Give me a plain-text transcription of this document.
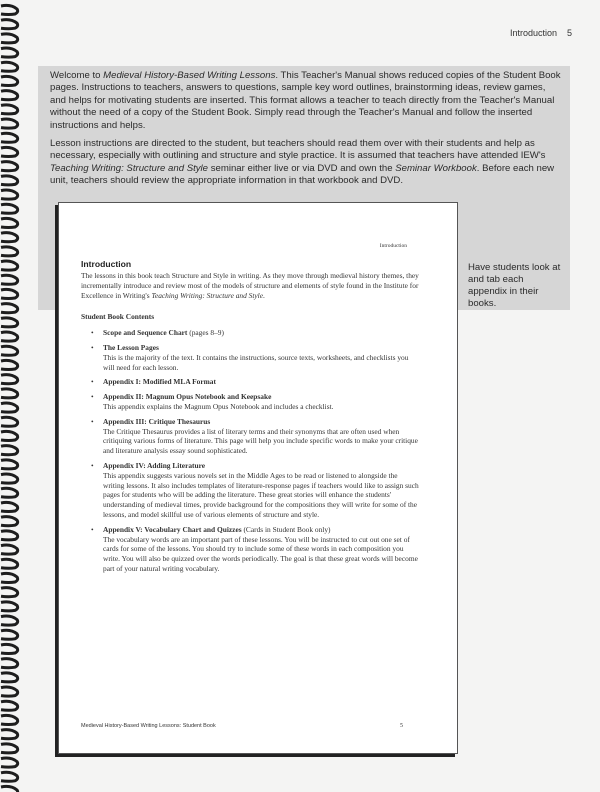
Introduction 5
Have students look at and tab each appendix in their books.

Welcome to Medieval History-Based Writing Lessons. This Teacher's Manual shows reduced copies of the Student Book pages. Instructions to teachers, answers to questions, sample key word outlines, brainstorming ideas, review games, and helps for motivating students are inserted. This format allows a teacher to teach directly from the Teacher's Manual without the need of a copy of the Student Book. Simply read through the Teacher's Manual and follow the inserted instructions and helps.

Lesson instructions are directed to the student, but teachers should read them over with their students and help as necessary, especially with outlining and structure and style practice. It is assumed that teachers have attended IEW's Teaching Writing: Structure and Style seminar either live or via DVD and own the Seminar Workbook. Before each new unit, teachers should review the appropriate information in that workbook and DVD.

Introduction
Introduction

The lessons in this book teach Structure and Style in writing. As they move through medieval history themes, they incrementally introduce and review most of the models of structure and elements of style found in the Institute for Excellence in Writing's Teaching Writing: Structure and Style.

Student Book Contents

• Scope and Sequence Chart (pages 8–9)

• The Lesson Pages
This is the majority of the text. It contains the instructions, source texts, worksheets, and checklists you will need for each lesson.
• Appendix I: Modified MLA Format
• Appendix II: Magnum Opus Notebook and Keepsake
This appendix explains the Magnum Opus Notebook and includes a checklist.
• Appendix III: Critique Thesaurus
The Critique Thesaurus provides a list of literary terms and their synonyms that are often used when critiquing various forms of literature. This page will help you include specific words to make your critique and literature analysis essay sound sophisticated.
• Appendix IV: Adding Literature
This appendix suggests various novels set in the Middle Ages to be read or listened to alongside the writing lessons. It also includes templates of literature-response pages if teachers would like to assign such pages for students who will be adding the literature. These great stories will enhance the students' understanding of medieval times, provide background for the compositions they will write for some of the lessons, and model skillful use of various elements of structure and style.
• Appendix V: Vocabulary Chart and Quizzes (Cards in Student Book only)
The vocabulary words are an important part of these lessons. You will be instructed to cut out one set of cards for some of the lessons. You should try to include some of these words in each composition you write. You will also be quizzed over the words periodically. The goal is that these great words will become part of your natural writing vocabulary.
Medieval History-Based Writing Lessons: Student Book	5
